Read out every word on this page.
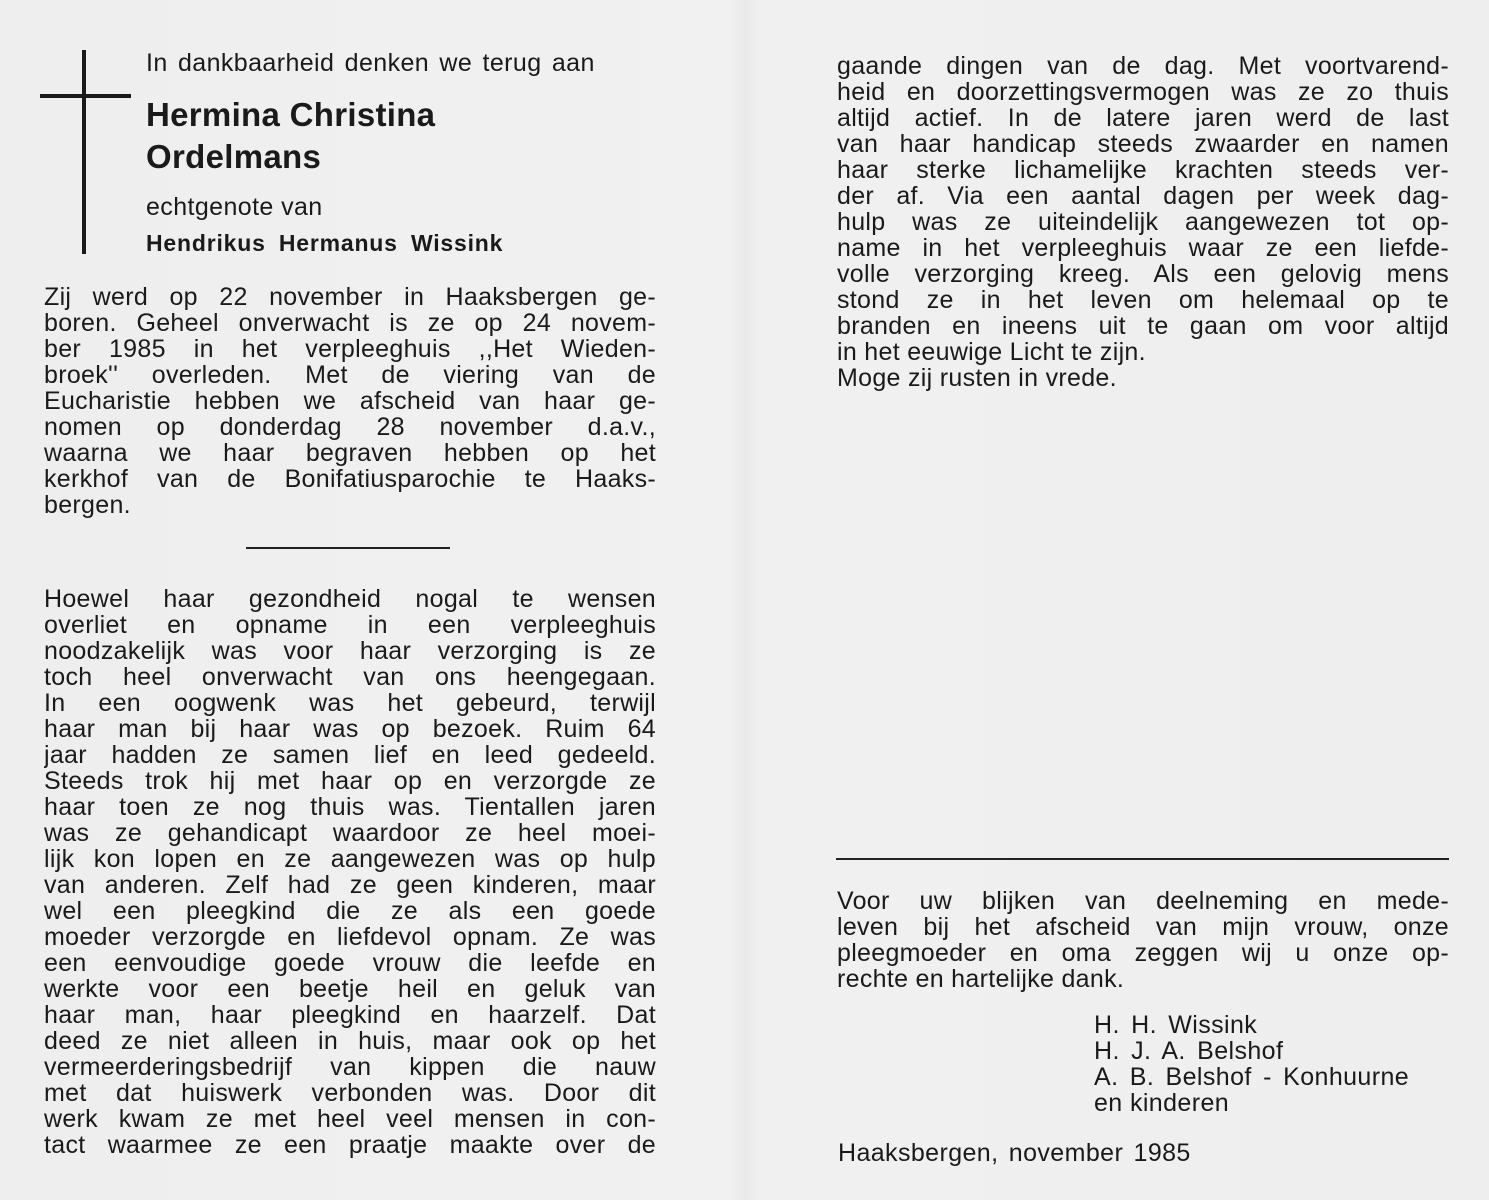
In dankbaarheid denken we terug aan
Hermina Christina
Ordelmans
echtgenote van
Hendrikus Hermanus Wissink
Zij werd op 22 november in Haaksbergen ge-
boren. Geheel onverwacht is ze op 24 novem-
ber 1985 in het verpleeghuis ,,Het Wieden-
broek'' overleden. Met de viering van de
Eucharistie hebben we afscheid van haar ge-
nomen op donderdag 28 november d.a.v.,
waarna we haar begraven hebben op het
kerkhof van de Bonifatiusparochie te Haaks-
bergen.
Hoewel haar gezondheid nogal te wensen
overliet en opname in een verpleeghuis
noodzakelijk was voor haar verzorging is ze
toch heel onverwacht van ons heengegaan.
In een oogwenk was het gebeurd, terwijl
haar man bij haar was op bezoek. Ruim 64
jaar hadden ze samen lief en leed gedeeld.
Steeds trok hij met haar op en verzorgde ze
haar toen ze nog thuis was. Tientallen jaren
was ze gehandicapt waardoor ze heel moei-
lijk kon lopen en ze aangewezen was op hulp
van anderen. Zelf had ze geen kinderen, maar
wel een pleegkind die ze als een goede
moeder verzorgde en liefdevol opnam. Ze was
een eenvoudige goede vrouw die leefde en
werkte voor een beetje heil en geluk van
haar man, haar pleegkind en haarzelf. Dat
deed ze niet alleen in huis, maar ook op het
vermeerderingsbedrijf van kippen die nauw
met dat huiswerk verbonden was. Door dit
werk kwam ze met heel veel mensen in con-
tact waarmee ze een praatje maakte over de
gaande dingen van de dag. Met voortvarend-
heid en doorzettingsvermogen was ze zo thuis
altijd actief. In de latere jaren werd de last
van haar handicap steeds zwaarder en namen
haar sterke lichamelijke krachten steeds ver-
der af. Via een aantal dagen per week dag-
hulp was ze uiteindelijk aangewezen tot op-
name in het verpleeghuis waar ze een liefde-
volle verzorging kreeg. Als een gelovig mens
stond ze in het leven om helemaal op te
branden en ineens uit te gaan om voor altijd
in het eeuwige Licht te zijn.
Moge zij rusten in vrede.
Voor uw blijken van deelneming en mede-
leven bij het afscheid van mijn vrouw, onze
pleegmoeder en oma zeggen wij u onze op-
rechte en hartelijke dank.
H. H. Wissink
H. J. A. Belshof
A. B. Belshof - Konhuurne
en kinderen
Haaksbergen, november 1985
